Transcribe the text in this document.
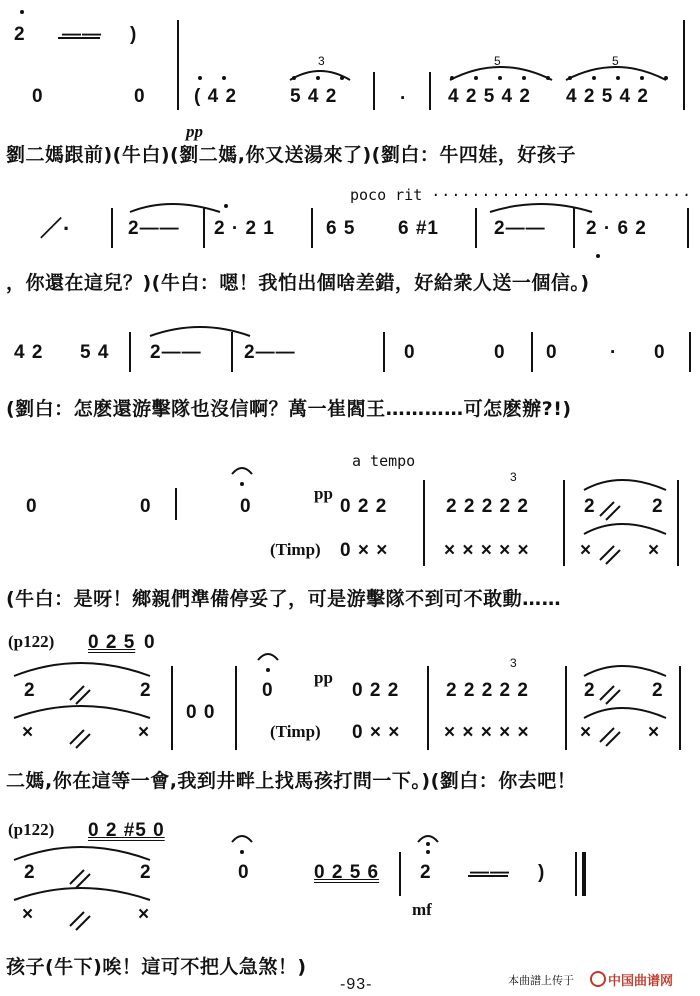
2 —— )
0	0	( 4 2	5 4 2	4 2 5 4 2 4 2 5 4 2
3	5	5
pp
·
劉二媽跟前)(牛白)(劉二媽,你又送湯來了)(劉白：牛四娃，好孩子
poco rit ··························
／·	2—— 2 · 2 1	6 5 6 #1	2—— 2 · 6 2
，你還在這兒？)(牛白：嗯！我怕出個啥差錯，好給衆人送一個信。)
4 2 5 4 2—— 2——	0	0 0	· 0
(劉白：怎麽還游擊隊也沒信啊？萬一崔閻王…………可怎麽辦?!)
a tempo
0	0	0
pp
0 2 2	2 2 2 2 2
3
2	2
(Timp) 0 × ×	× × × × ×	×	×
(牛白：是呀！鄉親們準備停妥了，可是游擊隊不到可不敢動……
(p122) 0 2 5 0
2	2
0 0
0
pp
0 2 2 2 2 2 2 2
3
2	2
×	×	(Timp) 0 × × × × × × ×	×	×
二媽,你在這等一會,我到井畔上找馬孩打問一下。)(劉白：你去吧！
(p122) 0 2 #5 0
2	2	0	0 2 5 6 2 —— )
mf
×	×
孩子(牛下)唉！這可不把人急煞！)
-93-	本曲譜上传于	中国曲谱网
